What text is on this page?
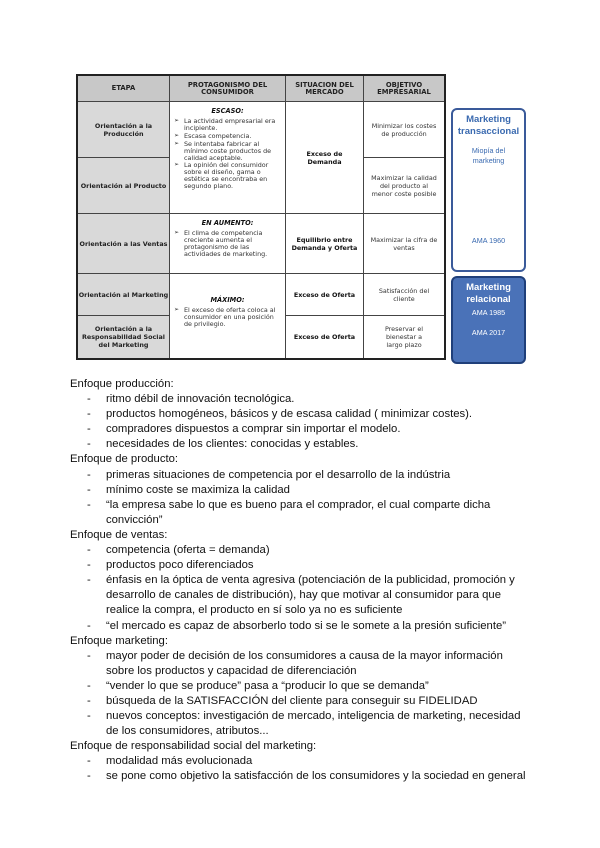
ETAPA	PROTAGONISMO DEL CONSUMIDOR
SITUACION DEL MERCADO
OBJETIVO EMPRESARIAL
Orientación a la Producción
Orientación al Producto
Orientación a las Ventas
Orientación al Marketing
Orientación a la Responsabilidad Social del Marketing
ESCASO:
➢ La actividad empresarial era incipiente.
➢ Escasa competencia.
➢ Se intentaba fabricar al mínimo coste productos de calidad aceptable.
➢ La opinión del consumidor sobre el diseño, gama o estética se encontraba en segundo plano.
EN AUMENTO:
➢ El clima de competencia creciente aumenta el protagonismo de las actividades de marketing.
MÁXIMO:
➢ El exceso de oferta coloca al consumidor en una posición de privilegio.
Exceso de Demanda
Equilibrio entre Demanda y Oferta
Exceso de Oferta
Exceso de Oferta
Minimizar los costes de producción
Maximizar la calidad del producto al menor coste posible
Maximizar la cifra de ventas
Satisfacción del cliente
Preservar el bienestar a largo plazo
Marketing transaccional
Miopía del marketing
AMA 1960
Marketing relacional
AMA 1985
AMA 2017

Enfoque producción:

- ritmo débil de innovación tecnológica.
- productos homogéneos, básicos y de escasa calidad ( minimizar costes).
- compradores dispuestos a comprar sin importar el modelo.
- necesidades de los clientes: conocidas y estables.

Enfoque de producto:

- primeras situaciones de competencia por el desarrollo de la indústria
- mínimo coste se maximiza la calidad
- “la empresa sabe lo que es bueno para el comprador, el cual comparte dicha convicción”

Enfoque de ventas:

- competencia (oferta = demanda)
- productos poco diferenciados
- énfasis en la óptica de venta agresiva (potenciación de la publicidad, promoción y desarrollo de canales de distribución), hay que motivar al consumidor para que realice la compra, el producto en sí solo ya no es suficiente
- “el mercado es capaz de absorberlo todo si se le somete a la presión suficiente”

Enfoque marketing:

- mayor poder de decisión de los consumidores a causa de la mayor información sobre los productos y capacidad de diferenciación
- “vender lo que se produce” pasa a “producir lo que se demanda”
- búsqueda de la SATISFACCIÓN del cliente para conseguir su FIDELIDAD
- nuevos conceptos: investigación de mercado, inteligencia de marketing, necesidad de los consumidores, atributos...

Enfoque de responsabilidad social del marketing:

- modalidad más evolucionada
- se pone como objetivo la satisfacción de los consumidores y la sociedad en general
